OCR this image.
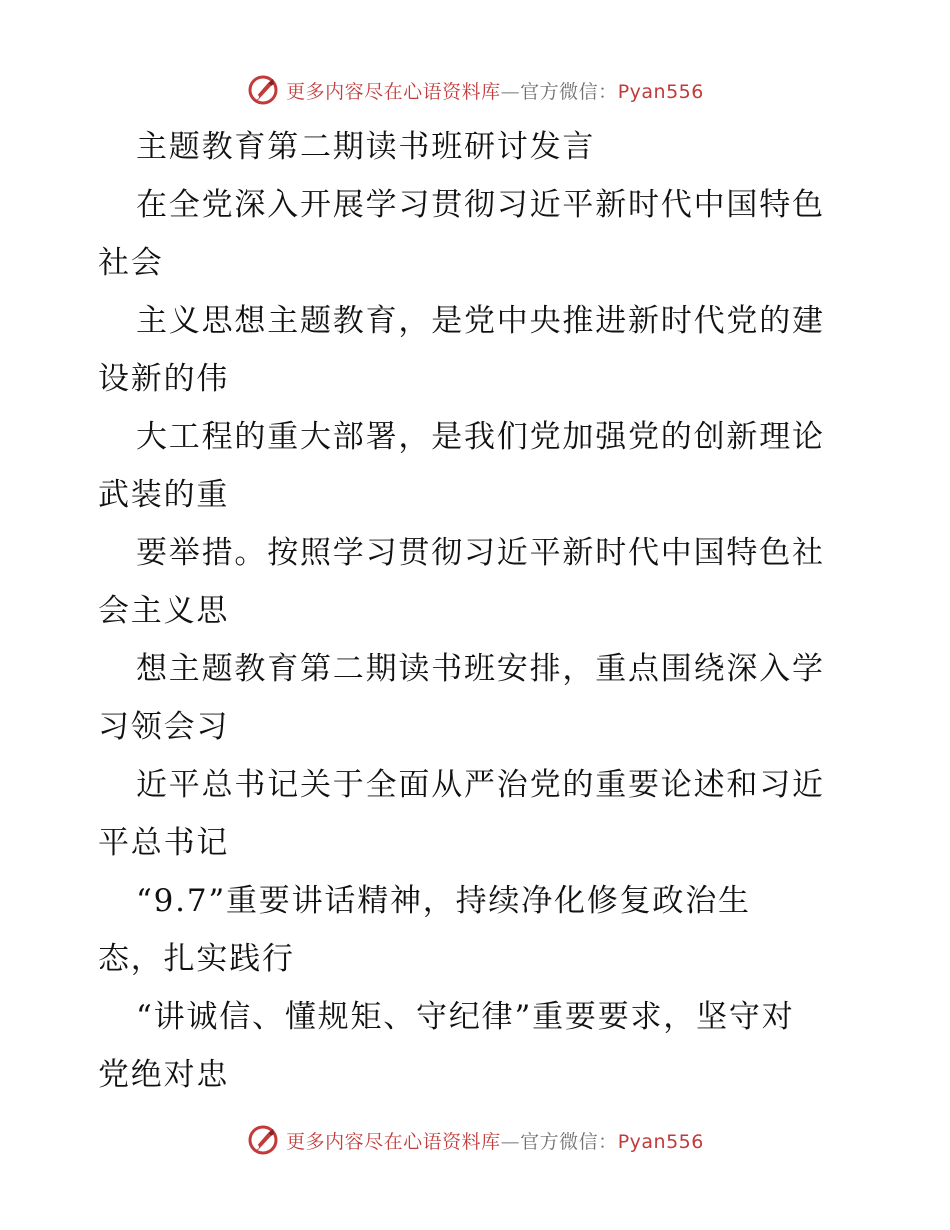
更多内容尽在心语资料库—官方微信：Pyan556
主题教育第二期读书班研讨发言
在全党深入开展学习贯彻习近平新时代中国特色
社会
主义思想主题教育，是党中央推进新时代党的建
设新的伟
大工程的重大部署，是我们党加强党的创新理论
武装的重
要举措。按照学习贯彻习近平新时代中国特色社
会主义思
想主题教育第二期读书班安排，重点围绕深入学
习领会习
近平总书记关于全面从严治党的重要论述和习近
平总书记
“9.7”重要讲话精神，持续净化修复政治生
态，扎实践行
“讲诚信、懂规矩、守纪律”重要要求，坚守对
党绝对忠
更多内容尽在心语资料库—官方微信：Pyan556
